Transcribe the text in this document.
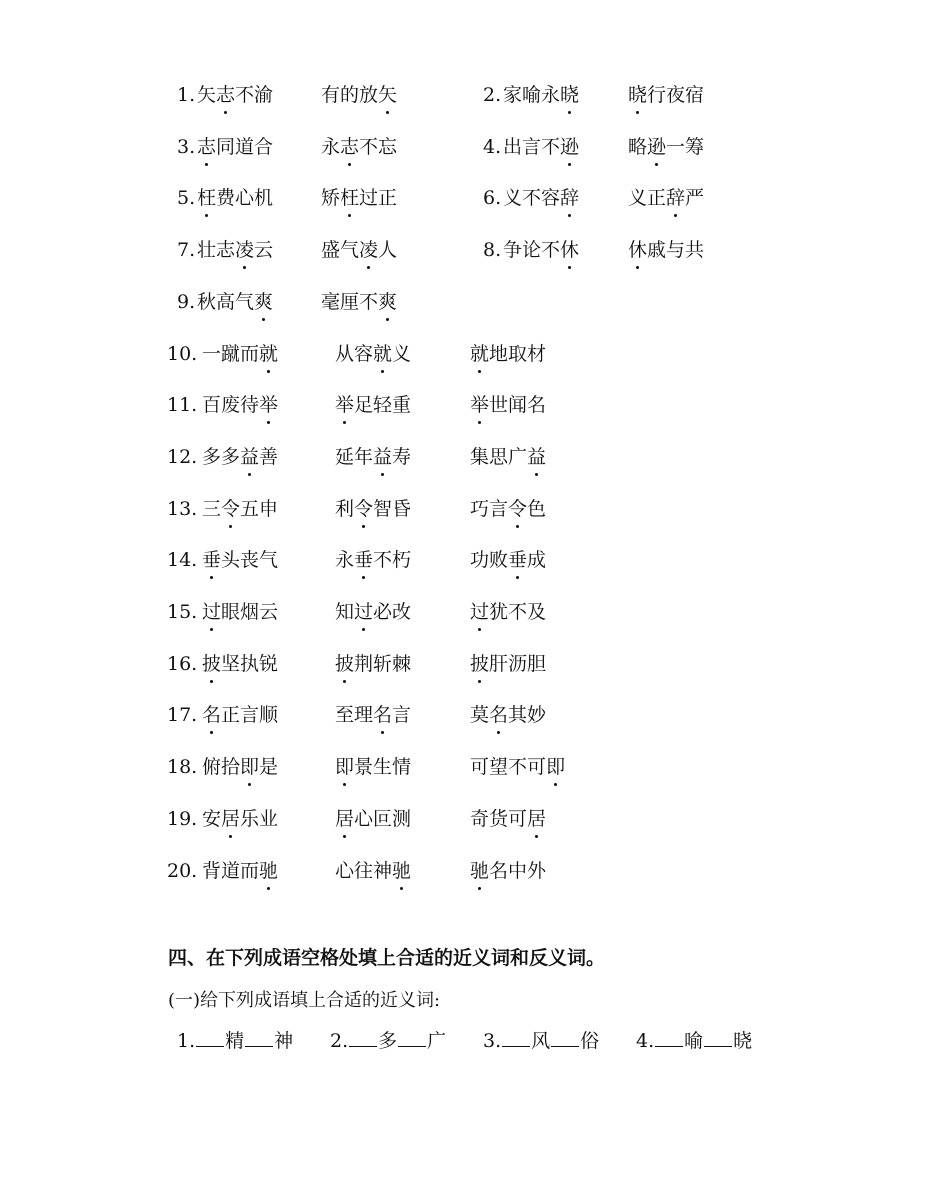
1. 矢志不渝	有的放矢	2. 家喻永晓	晓行夜宿
3. 志同道合	永志不忘	4. 出言不逊	略逊一筹
5. 枉费心机	矫枉过正	6. 义不容辞	义正辞严
7. 壮志凌云	盛气凌人	8. 争论不休	休戚与共
9. 秋高气爽	毫厘不爽
10. 一蹴而就	从容就义	就地取材
11. 百废待举	举足轻重	举世闻名
12. 多多益善	延年益寿	集思广益
13. 三令五申	利令智昏	巧言令色
14. 垂头丧气	永垂不朽	功败垂成
15. 过眼烟云	知过必改	过犹不及
16. 披坚执锐	披荆斩棘	披肝沥胆
17. 名正言顺	至理名言	莫名其妙
18. 俯拾即是	即景生情	可望不可即
19. 安居乐业	居心叵测	奇货可居
20. 背道而驰	心往神驰	驰名中外
四、在下列成语空格处填上合适的近义词和反义词。
(一)给下列成语填上合适的近义词:
1. 精 神 2. 多 广 3. 风 俗 4. 喻 晓
